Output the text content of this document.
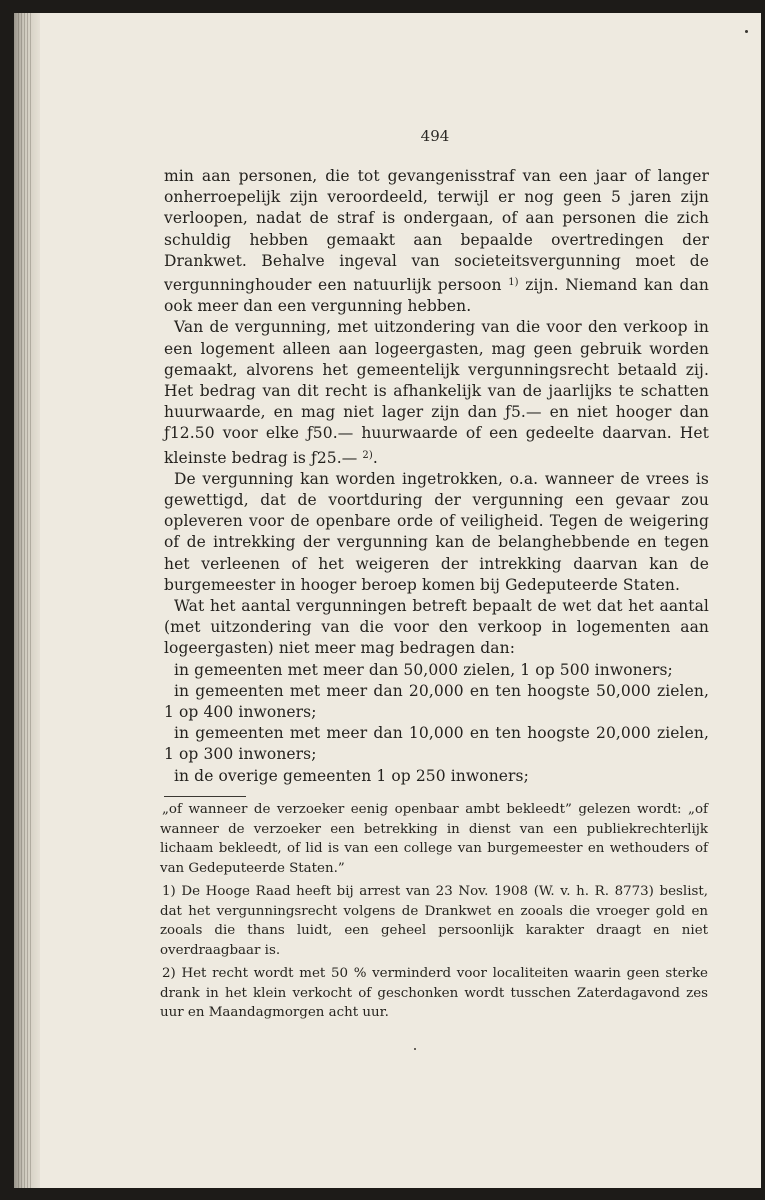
494

min aan personen, die tot gevangenisstraf van een jaar of langer onherroepelijk zijn veroordeeld, terwijl er nog geen 5 jaren zijn verloopen, nadat de straf is ondergaan, of aan personen die zich schuldig hebben gemaakt aan bepaalde overtredingen der Drankwet. Behalve ingeval van societeitsvergunning moet de vergunninghouder een natuurlijk persoon $^{1)}$ zijn. Niemand kan dan ook meer dan een vergunning hebben.

Van de vergunning, met uitzondering van die voor den verkoop in een logement alleen aan logeergasten, mag geen gebruik worden gemaakt, alvorens het gemeentelijk vergunningsrecht betaald zij. Het bedrag van dit recht is afhankelijk van de jaarlijks te schatten huurwaarde, en mag niet lager zijn dan ƒ5.— en niet hooger dan ƒ12.50 voor elke ƒ50.— huurwaarde of een gedeelte daarvan. Het kleinste bedrag is ƒ25.— $^{2)}$.

De vergunning kan worden ingetrokken, o.a. wanneer de vrees is gewettigd, dat de voortduring der vergunning een gevaar zou opleveren voor de openbare orde of veiligheid. Tegen de weigering of de intrekking der vergunning kan de belanghebbende en tegen het verleenen of het weigeren der intrekking daarvan kan de burgemeester in hooger beroep komen bij Gedeputeerde Staten.

Wat het aantal vergunningen betreft bepaalt de wet dat het aantal (met uitzondering van die voor den verkoop in logementen aan logeergasten) niet meer mag bedragen dan:

in gemeenten met meer dan 50,000 zielen, 1 op 500 inwoners;

in gemeenten met meer dan 20,000 en ten hoogste 50,000 zielen, 1 op 400 inwoners;

in gemeenten met meer dan 10,000 en ten hoogste 20,000 zielen, 1 op 300 inwoners;

in de overige gemeenten 1 op 250 inwoners;

„of wanneer de verzoeker eenig openbaar ambt bekleedt” gelezen wordt: „of wanneer de verzoeker een betrekking in dienst van een publiekrechterlijk lichaam bekleedt, of lid is van een college van burgemeester en wethouders of van Gedeputeerde Staten.”

1) De Hooge Raad heeft bij arrest van 23 Nov. 1908 (W. v. h. R. 8773) beslist, dat het vergunningsrecht volgens de Drankwet en zooals die vroeger gold en zooals die thans luidt, een geheel persoonlijk karakter draagt en niet overdraagbaar is.

2) Het recht wordt met 50 % verminderd voor localiteiten waarin geen sterke drank in het klein verkocht of geschonken wordt tusschen Zaterdagavond zes uur en Maandagmorgen acht uur.
